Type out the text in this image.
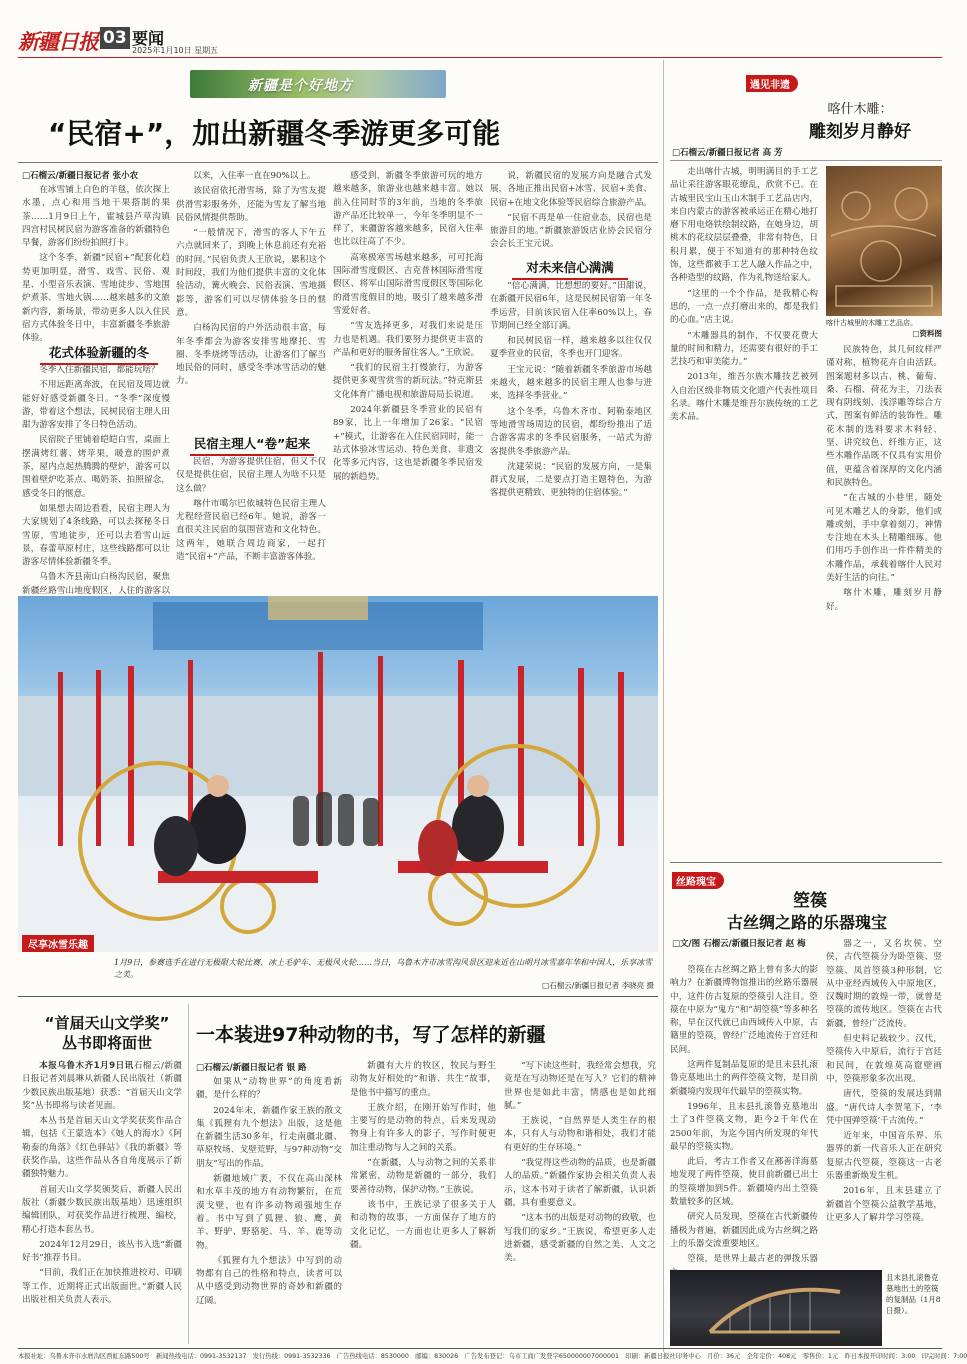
新疆日报 03 要闻
2025年1月10日 星期五
新疆是个好地方
“民宿+”，加出新疆冬季游更多可能
□石榴云/新疆日报记者 张小农

在冰雪铺上白色的羊毯，依次探上水墨，点心和用当地干果搭制的果茶……1月9日上午，霍城县芦草沟镇四宫村民树民宿为游客准备的新疆特色早餐，游客们纷纷拍照打卡。

这个冬季，新疆“民宿+”配套化趋势更加明显，滑雪、戏雪、民俗、观星、小型音乐表演、雪地徒步、雪地围炉煮茶、雪地火锅……越来越多的文旅新内容，新场景，带动更多人以入住民宿方式体验冬日中，丰富新疆冬季旅游体验。

花式体验新疆的冬

冬季入住新疆民宿，都能玩啥？

不用远距离奔波，在民宿及周边就能好好感受新疆冬日。“冬季”深度慢游，带着这个想法，民树民宿主理人田甜为游客安排了冬日特色活动。

民宿院子里铺着皑皑白雪，桌面上摆满烤红薯、烤苹果，暖意的围炉煮茶，屋内点起热腾腾的壁炉，游客可以围着壁炉吃茶点、喝奶茶、拍照留念，感受冬日的惬意。

如果想去周边看看，民宿主理人为大家规划了4条线路，可以去探秘冬日雪原，雪地徒步，还可以去看雪山远景，春蕾草原村庄，这些线路都可以让游客尽情体验新疆冬季。

乌鲁木齐县南山白杨沟民宿，聚焦新疆丝路雪山地度假区，人住的游客以

以来，入住率一直在90%以上。

该民宿依托滑雪场，除了为雪友提供滑雪彩服务外，还能为雪友了解当地民俗风情提供帮助。

“一般情况下，滑雪的客人下午五六点就回来了，到晚上休息前还有充裕的时间。”民宿负责人王欣说，累积这个时间段，我们为他们提供丰富的文化体验活动，篝火晚会、民俗表演、雪地摄影等，游客们可以尽情体验冬日的惬意。

白杨沟民宿的户外活动很丰富，每年冬季都会为游客安排雪地摩托、雪圈、冬季烧烤等活动，让游客们了解当地民俗的同时，感受冬季冰雪活动的魅力。

民宿主理人“卷”起来

民宿，为游客提供住宿，但又不仅仅是提供住宿，民宿主理人为啥不只是这么做？

喀什市噶尔巴依城特色民宿主理人尤程经营民宿已经6年。她说，游客一直很关注民宿的氛围营造和文化特色。这两年，她联合周边商家，一起打造“民宿+”产品，不断丰富游客体验。

感受到，新疆冬季旅游可玩的地方越来越多，旅游业也越来越丰富。她以前入住同时节的3年前，当地的冬季旅游产品还比较单一，今年冬季明显不一样了，来疆游客越来越多，民宿入住率也比以往高了不少。

高寒极寒雪场越来越多，可可托海国际滑雪度假区、吉克普林国际滑雪度假区、将军山国际滑雪度假区等国际化的滑雪度假目的地，吸引了越来越多滑雪爱好者。

“雪友选择更多，对我们来说是压力也是机遇。我们要努力提供更丰富的产品和更好的服务留住客人。”王欣说。

“我们的民宿主打慢旅行，为游客提供更多观雪赏雪的新玩法。”特克斯县文化体育广播电视和旅游局局长说道。

2024年新疆县冬季营业的民宿有89家，比上一年增加了26家。“民宿+”模式，让游客在入住民宿同时，能一站式体验冰雪运动、特色美食、非遗文化等多元内容，这也是新疆冬季民宿发展的新趋势。

说，新疆民宿的发展方向是融合式发展，各地正推出民宿+冰雪、民宿+美食、民宿+在地文化体验等民宿综合旅游产品。

“民宿不再是单一住宿业态，民宿也是旅游目的地。”新疆旅游饭店业协会民宿分会会长王宝元说。

对未来信心满满

“信心满满，比想想的要好。”田甜说，在新疆开民宿6年，这是民树民宿第一年冬季运营，目前该民宿入住率60%以上，春节期间已经全部订满。

和民树民宿一样，越来越多以往仅仅夏季营业的民宿，冬季也开门迎客。

王宝元说：“随着新疆冬季旅游市场越来越火，越来越多的民宿主理人也参与进来，选择冬季营业。”

这个冬季，乌鲁木齐市、阿勒泰地区等地滑雪场周边的民宿，都纷纷推出了适合游客需求的冬季民宿服务，一站式为游客提供冬季旅游产品。

沈建荣说：“民宿的发展方向，一是集群式发展，二是要点打造主题特色，为游客提供更精致、更独特的住宿体验。”

尽享冰雪乐趣
1月9日，参赛选手在进行无极限大轮比赛、冰上毛驴车、无极风火轮……当日，乌鲁木齐市冰雪沟风景区迎来近在山明月冰雪嘉年华和中国人，乐享冰雪之美。
□石榴云/新疆日报记者 李晓亮 摄
遇见非遗
喀什木雕：
雕刻岁月静好
□石榴云/新疆日报记者 高 芳

走出喀什古城，明明满目的手工艺品让采往游客眼花缭乱，欣赏不已。在古城里民宝山玉山木制手工艺品店内，来自内蒙古的游客被承运正在精心地打磨下用电烙铁绘制纹路，在她身边，胡桃木的花纹层层叠叠，非常有特色，日积月累，便于不知道有的那种特色纹饰，这些都被手工艺人融入作品之中，各种造型的纹路，作为礼物送给家人。

“这里的一个个作品，是我精心构思的，一点一点打磨出来的，都是我们的心血。”店主说。

“木雕器具的制作，不仅要花费大量的时间和精力，还需要有很好的手工艺技巧和审美能力。”

2013年，维吾尔族木雕技艺被列入自治区级非物质文化遗产代表性项目名录。喀什木雕是维吾尔族传统的工艺美术品。

喀什古城里的木雕工艺品店。
□资料图

民族特色，其几何纹样严谨对称，植物花卉自由活跃。图案题材多以古、桃、葡萄、桑、石榴、荷花为主，刀法表现有阴线刻、浅浮雕等综合方式，图案有鲜活的装饰性。雕花木制的选料要求木料轻、坚、讲究纹色、纤维方正，这些木雕作品既不仅具有实用价值，更蕴含着深厚的文化内涵和民族特色。

“在古城的小巷里，随处可见木雕艺人的身影，他们或雕或刻，手中拿着刻刀，神情专注地在木头上精雕细琢。他们用巧手创作出一件件精美的木雕作品，承载着喀什人民对美好生活的向往。”

喀什木雕，雕刻岁月静好。

丝路瑰宝
箜篌
古丝绸之路的乐器瑰宝
□文/图 石榴云/新疆日报记者 赵 梅

箜篌在古丝绸之路上曾有多大的影响力？在新疆博物馆推出的丝路乐器展中，这件仿古复原的箜篌引人注目。箜篌在中原为“鬼方”和“胡箜篌”等多种名称，早在汉代就已由西域传入中原，古籍里的箜篌，曾经广泛地流传于宫廷和民间。

这两件复制品复原的是且末县扎滚鲁克墓地出土的两件箜篌文物，是目前新疆境内发现年代最早的箜篌实物。

1996年，且末县扎滚鲁克墓地出土了3件箜篌文物，距今2千年代在2500年前，为迄今国内所发现的年代最早的箜篌实物。

此后，考古工作者又在鄯善洋海墓地发现了两件箜篌，使目前新疆已出土的箜篌增加到5件。新疆境内出土箜篌数量较多的区域。

研究人员发现，箜篌在古代新疆传播极为普遍，新疆因此成为古丝绸之路上的乐器交流重要地区。

箜篌，是世界上最古老的弹拨乐器

器之一，又名坎侯、空侯，古代箜篌分为卧箜篌、竖箜篌、凤首箜篌3种形制，它从中亚经西域传入中原地区，汉魏时期的敦煌一带，就曾是箜篌的流传地区。箜篌在古代新疆，曾经广泛流传。

但史料记载较少。汉代，箜篌传入中原后，流行于宫廷和民间，在敦煌莫高窟壁画中，箜篌形象多次出现。

唐代，箜篌的发展达到鼎盛。“唐代诗人李贺笔下，‘李凭中国弹箜篌’千古流传。”

近年来，中国音乐界、乐器界的新一代音乐人正在研究复原古代箜篌，箜篌这一古老乐器重新焕发生机。

2016年，且末县建立了新疆首个箜篌公益教学基地，让更多人了解并学习箜篌。

且末县扎滚鲁克墓地出土的箜篌的复制品（1月8日摄）。
“首届天山文学奖”
丛书即将面世

本报乌鲁木齐1月9日讯石榴云/新疆日报记者刘晨琳从新疆人民出版社（新疆少数民族出版基地）获悉：“首届天山文学奖”丛书即将与读者见面。

本丛书是首届天山文学奖获奖作品合辑，包括《王蒙选本》《她人的海水》《阿勒泰的角落》《红色驿站》《我的新疆》等获奖作品，这些作品从各自角度展示了新疆独特魅力。

首届天山文学奖颁奖后，新疆人民出版社（新疆少数民族出版基地）迅速组织编辑团队，对获奖作品进行梳理、编校，精心打造本套丛书。

2024年12月29日，该丛书入选“新疆好书”推荐书目。

“目前，我们正在加快推进校对、印刷等工作，近期将正式出版面世。”新疆人民出版社相关负责人表示。

一本装进97种动物的书，写了怎样的新疆
□石榴云/新疆日报记者 银 路

如果从“动物世界”的角度看新疆，是什么样的？

2024年末，新疆作家王族的散文集《狐狸有九个想法》出版，这是他在新疆生活30多年，行走南疆北疆、草原牧场、戈壁荒野，与97种动物“交朋友”写出的作品。

新疆地域广袤，不仅在高山深林和水草丰茂的地方有动物繁衍，在荒漠戈壁，也有许多动物顽强地生存着。书中写到了狐狸、狼、鹰、黄羊、野驴、野骆驼、马、羊、鹿等动物。

《狐狸有九个想法》中写到的动物都有自己的性格和特点，读者可以从中感受到动物世界的奇妙和新疆的辽阔。

新疆有大片的牧区，牧民与野生动物友好相处的“和谐、共生”故事，是他书中描写的重点。

王族介绍，在刚开始写作时，他主要写的是动物的特点，后来发现动物身上有许多人的影子，写作时便更加注重动物与人之间的关系。

“在新疆，人与动物之间的关系非常紧密，动物是新疆的一部分，我们要善待动物，保护动物。”王族说。

该书中，王族记录了很多关于人和动物的故事，一方面保存了地方的文化记忆，一方面也让更多人了解新疆。

“写下读这些时，我经常会想我，究竟是在写动物还是在写人？它们的精神世界也是如此丰富，情感也是如此细腻。”

王族说，“自然界是人类生存的根本，只有人与动物和谐相处，我们才能有更好的生存环境。”

“我觉得这些动物的品质，也是新疆人的品质。”新疆作家协会相关负责人表示，这本书对于读者了解新疆，认识新疆，具有重要意义。

“这本书的出版是对动物的致敬，也写我们的家乡。”王族说，希望更多人走进新疆，感受新疆的自然之美、人文之美。

本报社址：乌鲁木齐市水磨沟区西虹东路500号　新闻热线电话：0991-3532137　发行热线：0991-3532336　广告热线电话：8530000　邮编：830026　广告发布登记：乌市工商广发登字650000007000001　印刷：新疆日报社印务中心　月价：36元　全年定价：408元　零售价：1元　昨日本报开印时间：3:00　印完时间：7:00
